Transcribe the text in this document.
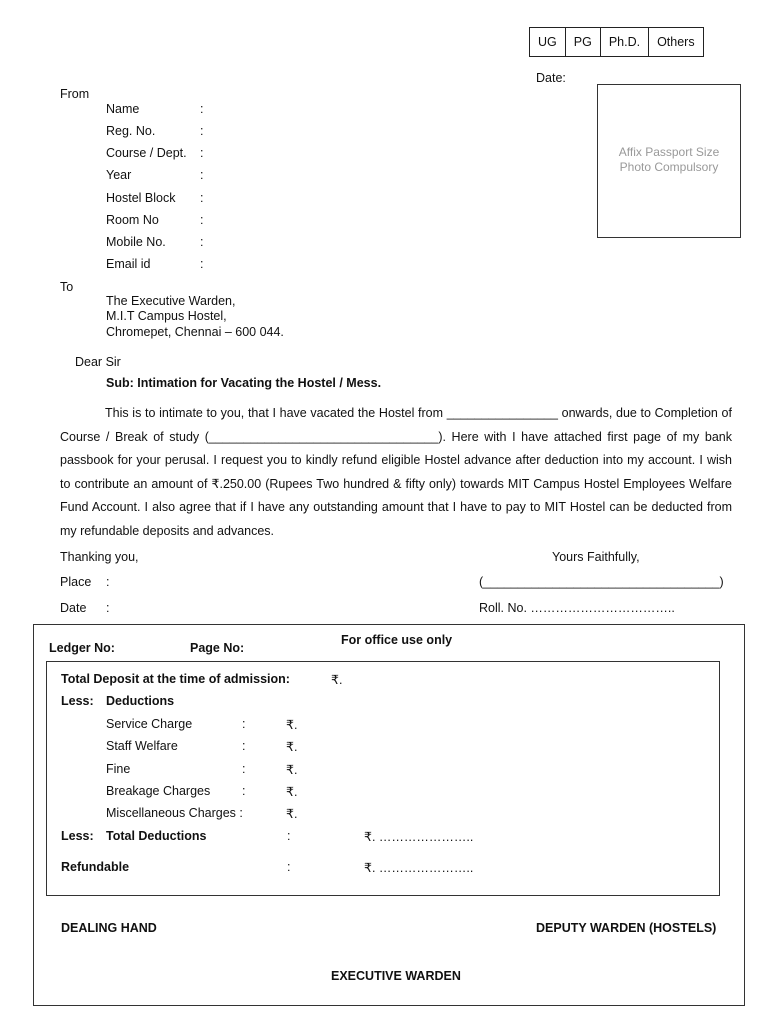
UG	PG	Ph.D.	Others
Date:
Affix Passport Size
Photo Compulsory
From
Name	:
Reg. No.	:
Course / Dept. :
Year	:
Hostel Block :
Room No	:
Mobile No.	:
Email id	:
To
The Executive Warden,
M.I.T Campus Hostel,
Chromepet, Chennai – 600 044.
Dear Sir
Sub: Intimation for Vacating the Hostel / Mess.
This is to intimate to you, that I have vacated the Hostel from ________________ onwards, due to Completion of Course / Break of study (_________________________________). Here with I have attached first page of my bank passbook for your perusal. I request you to kindly refund eligible Hostel advance after deduction into my account. I wish to contribute an amount of ₹.250.00 (Rupees Two hundred & fifty only) towards MIT Campus Hostel Employees Welfare Fund Account. I also agree that if I have any outstanding amount that I have to pay to MIT Hostel can be deducted from my refundable deposits and advances.
Thanking you,	Yours Faithfully,
Place :	(__________________________________)
Date :	Roll. No. ……………………………..
Ledger No:	Page No:
For office use only
Total Deposit at the time of admission:	₹.
Less: Deductions
Service Charge	:	₹.
Staff Welfare	:	₹.
Fine	:	₹.
Breakage Charges	:	₹.
Miscellaneous Charges :	₹.
Less: Total Deductions	:	₹. …………………..
Refundable	:	₹. …………………..
DEALING HAND	DEPUTY WARDEN (HOSTELS)
EXECUTIVE WARDEN
